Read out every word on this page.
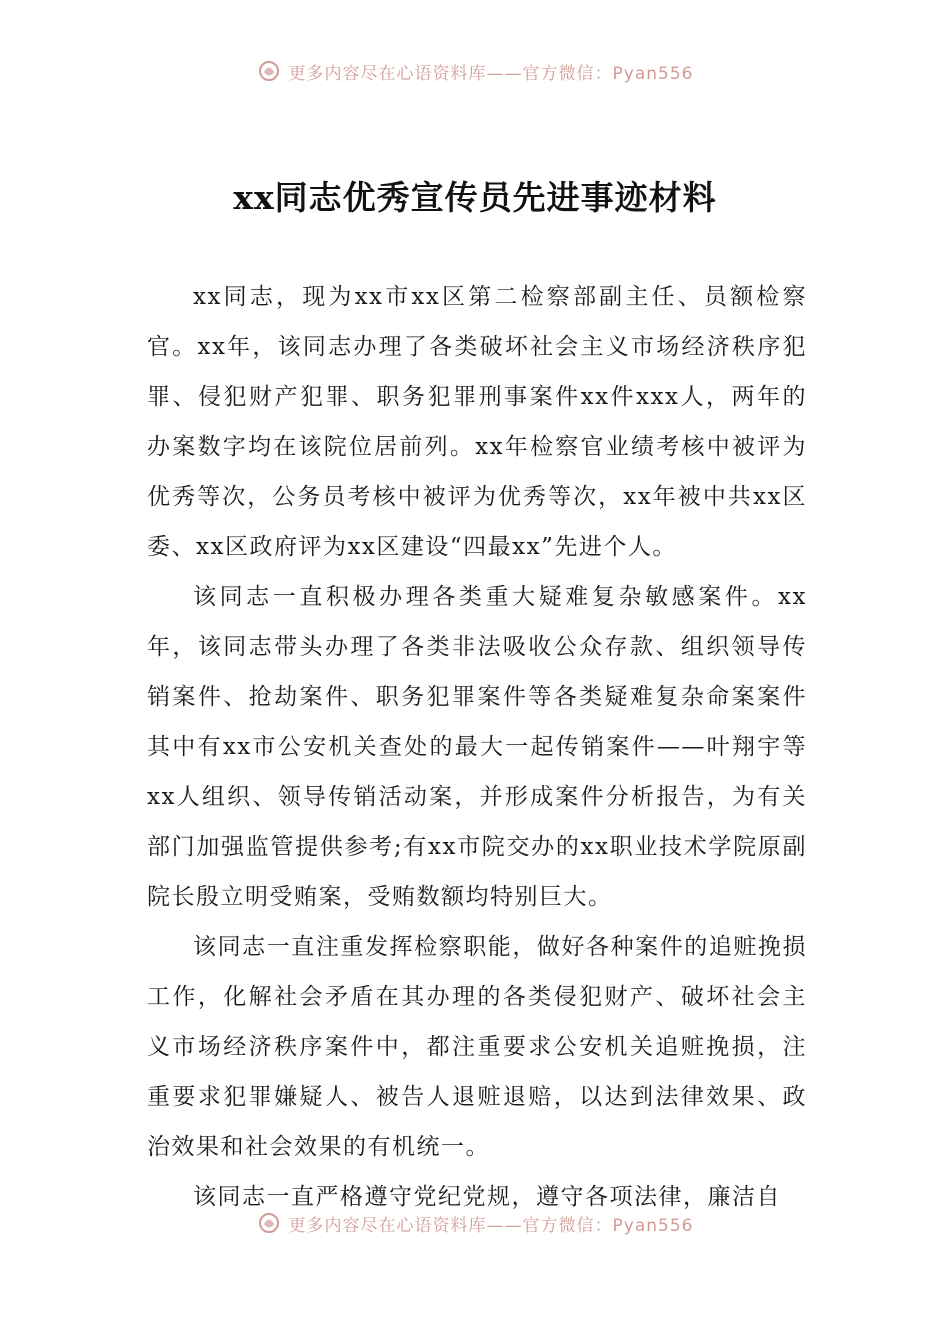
更多内容尽在心语资料库——官方微信：Pyan556
xx同志优秀宣传员先进事迹材料

xx同志，现为xx市xx区第二检察部副主任、员额检察官。xx年，该同志办理了各类破坏社会主义市场经济秩序犯罪、侵犯财产犯罪、职务犯罪刑事案件xx件xxx人，两年的办案数字均在该院位居前列。xx年检察官业绩考核中被评为优秀等次，公务员考核中被评为优秀等次，xx年被中共xx区委、xx区政府评为xx区建设“四最xx”先进个人。

该同志一直积极办理各类重大疑难复杂敏感案件。xx年，该同志带头办理了各类非法吸收公众存款、组织领导传销案件、抢劫案件、职务犯罪案件等各类疑难复杂命案案件其中有xx市公安机关查处的最大一起传销案件——叶翔宇等xx人组织、领导传销活动案，并形成案件分析报告，为有关部门加强监管提供参考;有xx市院交办的xx职业技术学院原副院长殷立明受贿案，受贿数额均特别巨大。

该同志一直注重发挥检察职能，做好各种案件的追赃挽损工作，化解社会矛盾在其办理的各类侵犯财产、破坏社会主义市场经济秩序案件中，都注重要求公安机关追赃挽损，注重要求犯罪嫌疑人、被告人退赃退赔，以达到法律效果、政治效果和社会效果的有机统一。

该同志一直严格遵守党纪党规，遵守各项法律，廉洁自

更多内容尽在心语资料库——官方微信：Pyan556
